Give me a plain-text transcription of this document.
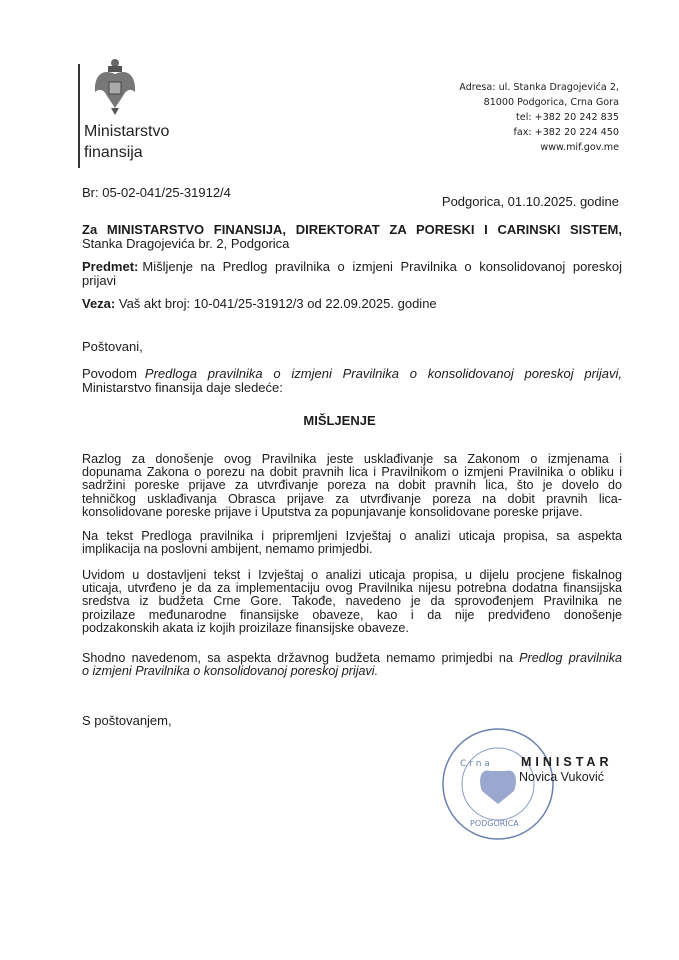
Ministarstvo
finansija
Adresa: ul. Stanka Dragojevića 2,
81000 Podgorica, Crna Gora
tel: +382 20 242 835
fax: +382 20 224 450
www.mif.gov.me
Br: 05-02-041/25-31912/4
Podgorica, 01.10.2025. godine
Za MINISTARSTVO FINANSIJA, DIREKTORAT ZA PORESKI I CARINSKI SISTEM,
Stanka Dragojevića br. 2, Podgorica
Predmet: Mišljenje na Predlog pravilnika o izmjeni Pravilnika o konsolidovanoj poreskoj
prijavi
Veza: Vaš akt broj: 10-041/25-31912/3 od 22.09.2025. godine
Poštovani,
Povodom Predloga pravilnika o izmjeni Pravilnika o konsolidovanoj poreskoj prijavi,
Ministarstvo finansija daje sledeće:
MIŠLJENJE
Razlog za donošenje ovog Pravilnika jeste usklađivanje sa Zakonom o izmjenama i
dopunama Zakona o porezu na dobit pravnih lica i Pravilnikom o izmjeni Pravilnika o obliku i
sadržini poreske prijave za utvrđivanje poreza na dobit pravnih lica, što je dovelo do
tehničkog usklađivanja Obrasca prijave za utvrđivanje poreza na dobit pravnih lica-
konsolidovane poreske prijave i Uputstva za popunjavanje konsolidovane poreske prijave.
Na tekst Predloga pravilnika i pripremljeni Izvještaj o analizi uticaja propisa, sa aspekta
implikacija na poslovni ambijent, nemamo primjedbi.
Uvidom u dostavljeni tekst i Izvještaj o analizi uticaja propisa, u dijelu procjene fiskalnog
uticaja, utvrđeno je da za implementaciju ovog Pravilnika nijesu potrebna dodatna finansijska
sredstva iz budžeta Crne Gore. Takođe, navedeno je da sprovođenjem Pravilnika ne
proizilaze međunarodne finansijske obaveze, kao i da nije predviđeno donošenje
podzakonskih akata iz kojih proizilaze finansijske obaveze.
Shodno navedenom, sa aspekta državnog budžeta nemamo primjedbi na Predlog pravilnika
o izmjeni Pravilnika o konsolidovanoj poreskoj prijavi.
S poštovanjem,
C r n a
PODGORICA
MINISTAR
Novica Vuković
